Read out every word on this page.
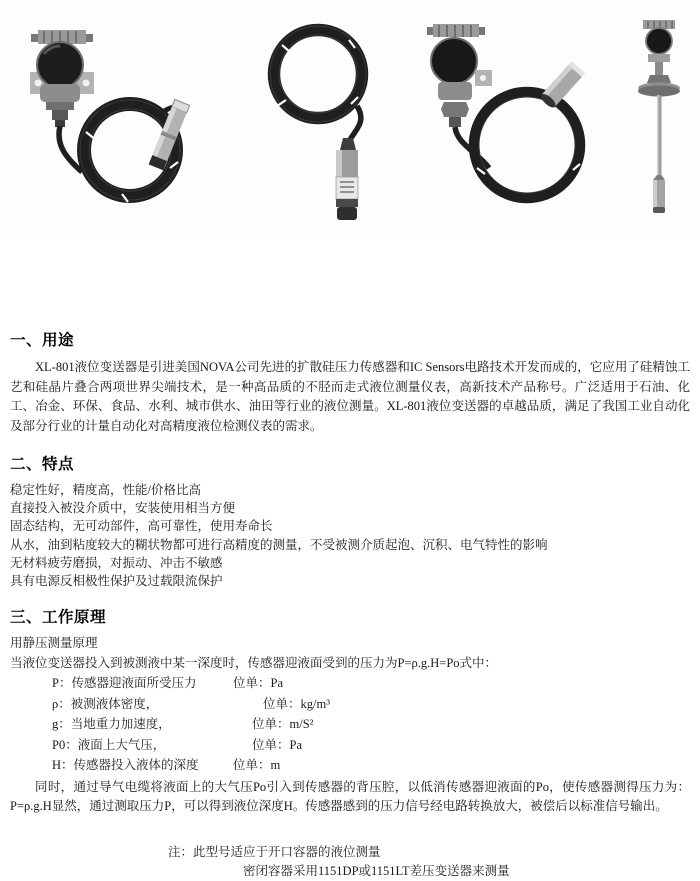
一、用途

XL-801液位变送器是引进美国NOVA公司先进的扩散硅压力传感器和IC Sensors电路技术开发而成的，它应用了硅精蚀工艺和硅晶片叠合两项世界尖端技术，是一种高品质的不胫而走式液位测量仪表，高新技术产品称号。广泛适用于石油、化工、冶金、环保、食品、水利、城市供水、油田等行业的液位测量。XL-801液位变送器的卓越品质，满足了我国工业自动化及部分行业的计量自动化对高精度液位检测仪表的需求。

二、特点
稳定性好，精度高，性能/价格比高
直接投入被没介质中，安装使用相当方便
固态结构，无可动部件，高可靠性，使用寿命长
从水，油到粘度较大的糊状物都可进行高精度的测量，不受被测介质起泡、沉积、电气特性的影响
无材料疲劳磨损，对振动、冲击不敏感
具有电源反相极性保护及过载限流保护
三、工作原理
用静压测量原理
当液位变送器投入到被测液中某一深度时，传感器迎液面受到的压力为P=ρ.g.H=Po式中：
P：传感器迎液面所受压力	位单：Pa
ρ：被测液体密度，	位单：kg/m³
g：当地重力加速度，	位单：m/S²
P0：液面上大气压，	位单：Pa
H：传感器投入液体的深度	位单：m

同时，通过导气电缆将液面上的大气压Po引入到传感器的背压腔，以低消传感器迎液面的Po，使传感器测得压力为：P=ρ.g.H显然，通过测取压力P，可以得到液位深度H。传感器感到的压力信号经电路转换放大，被偿后以标准信号输出。

注：此型号适应于开口容器的液位测量
密闭容器采用1151DP或1151LT差压变送器来测量
